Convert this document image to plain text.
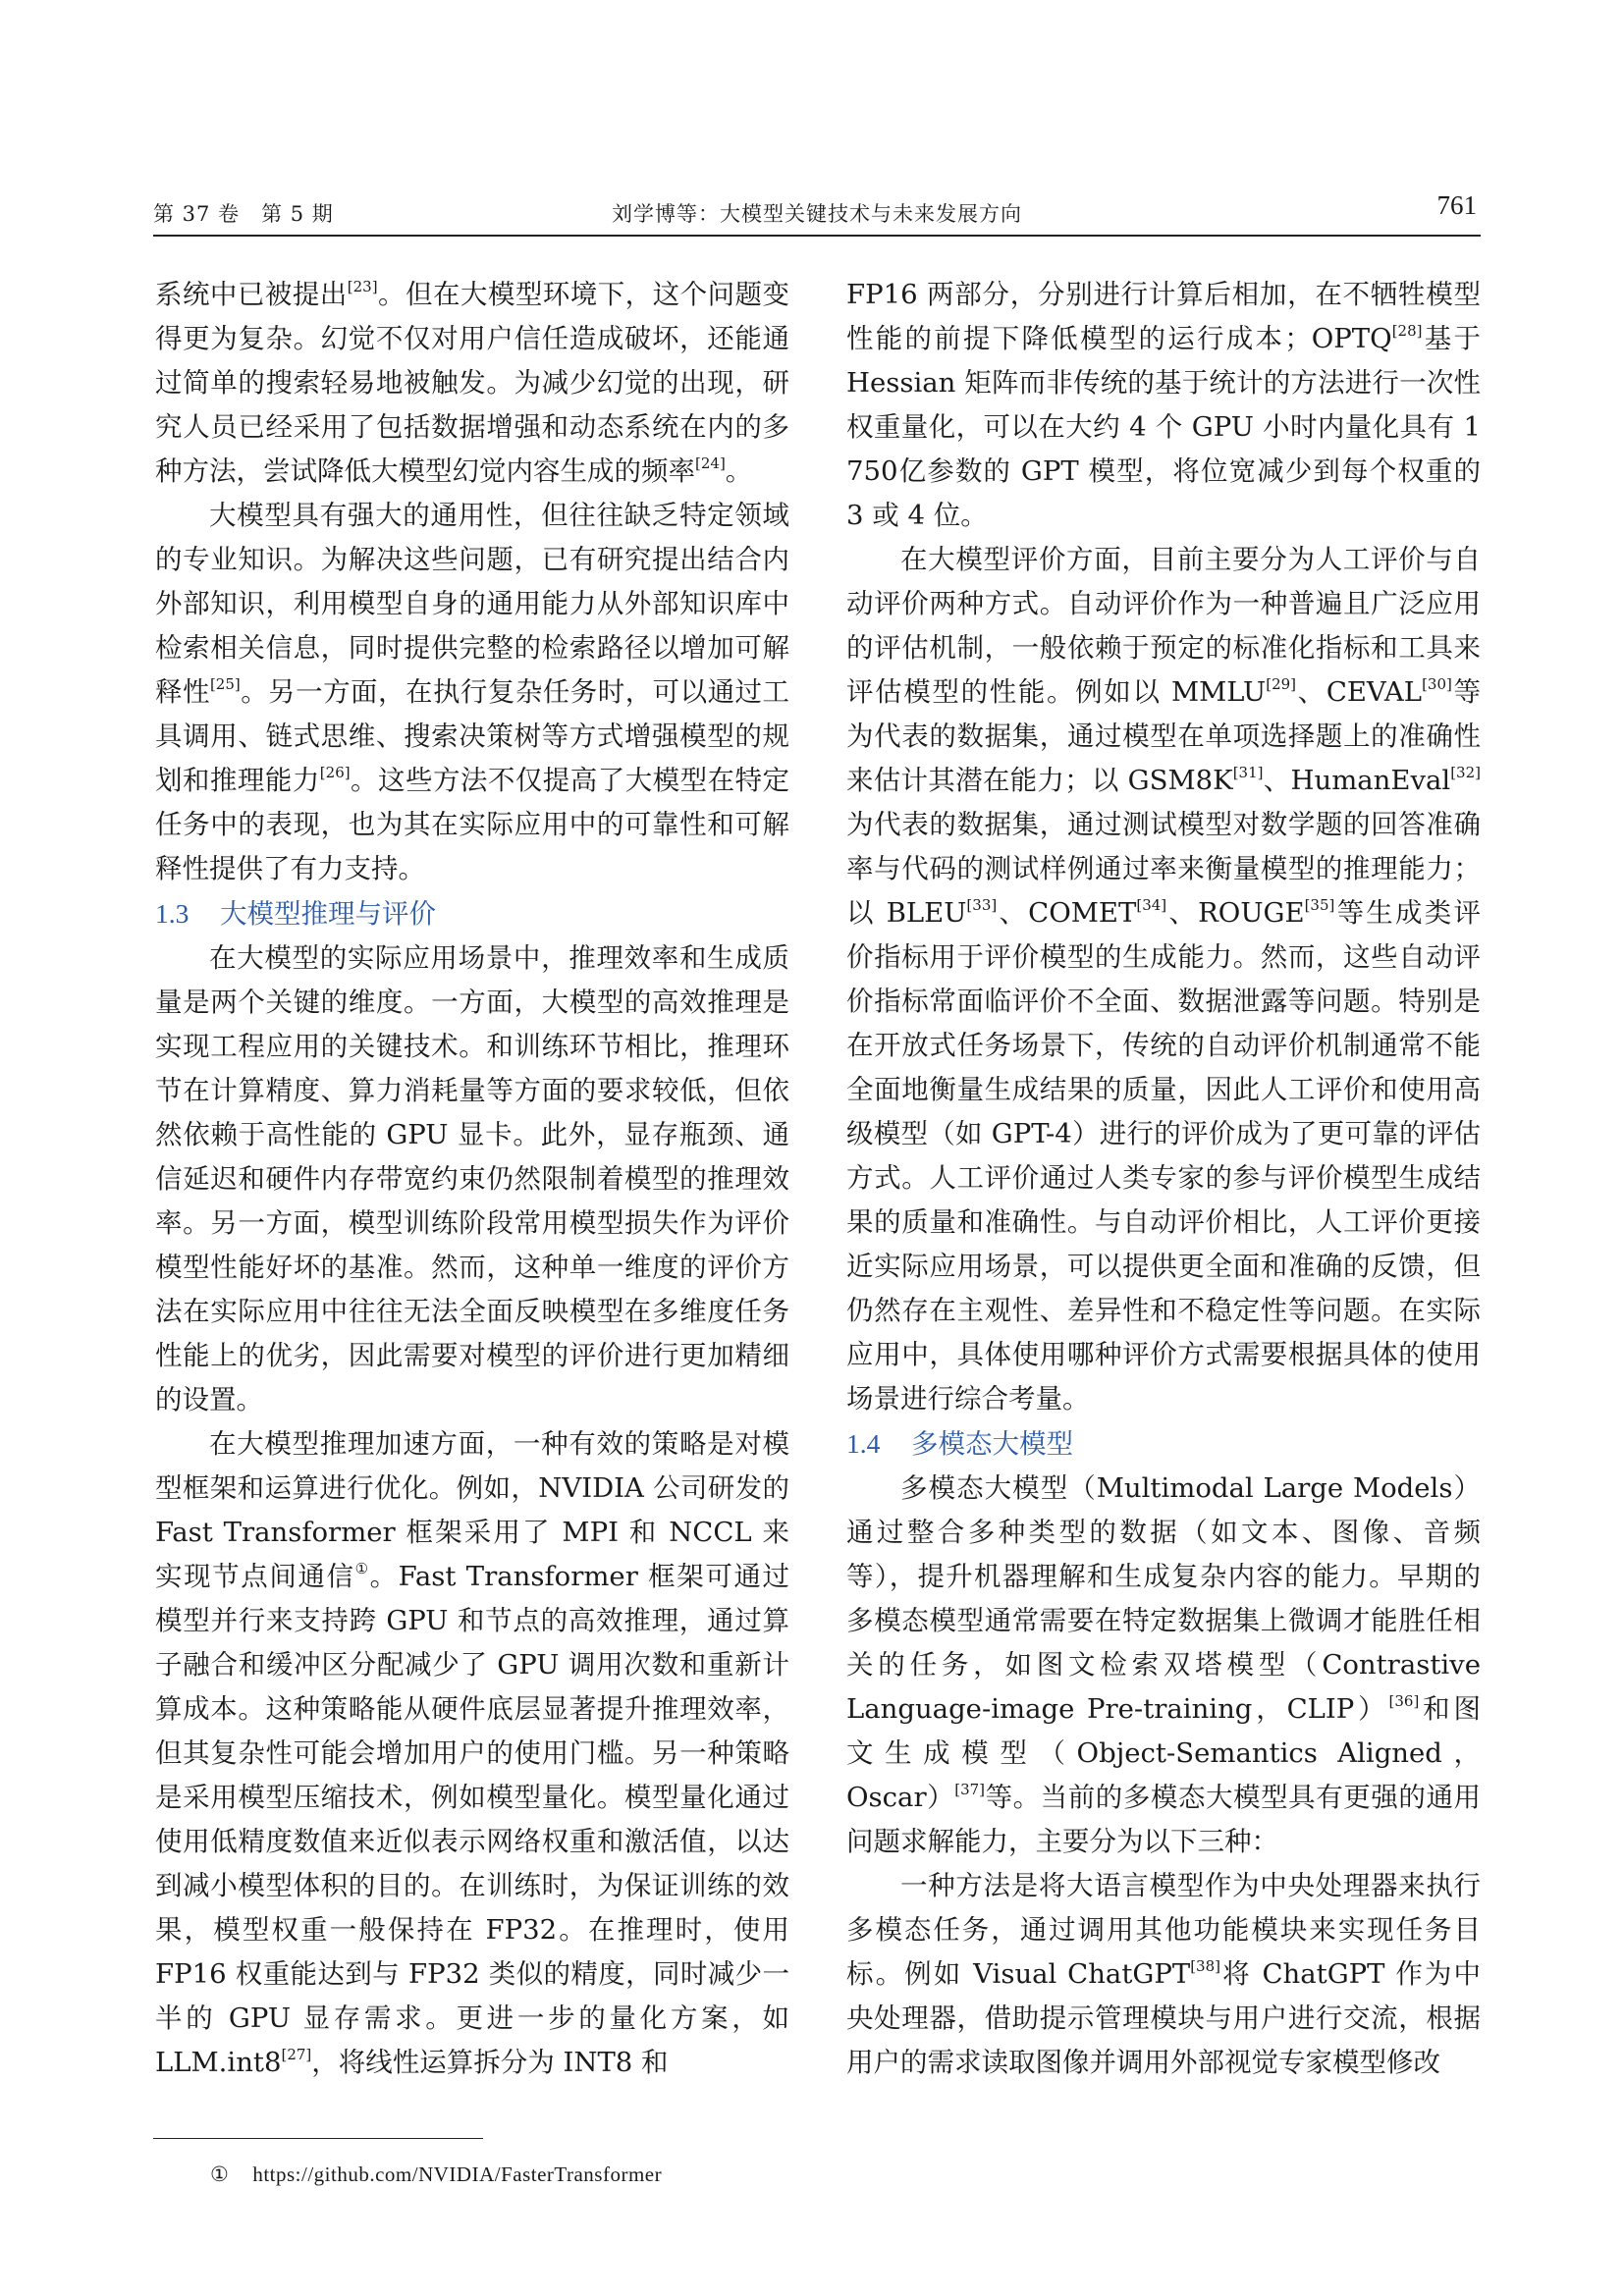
第 37 卷　第 5 期	刘学博等：大模型关键技术与未来发展方向	761

系统中已被提出[23]。但在大模型环境下，这个问题变得更为复杂。幻觉不仅对用户信任造成破坏，还能通过简单的搜索轻易地被触发。为减少幻觉的出现，研究人员已经采用了包括数据增强和动态系统在内的多种方法，尝试降低大模型幻觉内容生成的频率[24]。

大模型具有强大的通用性，但往往缺乏特定领域的专业知识。为解决这些问题，已有研究提出结合内外部知识，利用模型自身的通用能力从外部知识库中检索相关信息，同时提供完整的检索路径以增加可解释性[25]。另一方面，在执行复杂任务时，可以通过工具调用、链式思维、搜索决策树等方式增强模型的规划和推理能力[26]。这些方法不仅提高了大模型在特定任务中的表现，也为其在实际应用中的可靠性和可解释性提供了有力支持。

1.3 大模型推理与评价

在大模型的实际应用场景中，推理效率和生成质量是两个关键的维度。一方面，大模型的高效推理是实现工程应用的关键技术。和训练环节相比，推理环节在计算精度、算力消耗量等方面的要求较低，但依然依赖于高性能的 GPU 显卡。此外，显存瓶颈、通信延迟和硬件内存带宽约束仍然限制着模型的推理效率。另一方面，模型训练阶段常用模型损失作为评价模型性能好坏的基准。然而，这种单一维度的评价方法在实际应用中往往无法全面反映模型在多维度任务性能上的优劣，因此需要对模型的评价进行更加精细的设置。

在大模型推理加速方面，一种有效的策略是对模型框架和运算进行优化。例如，NVIDIA 公司研发的 Fast Transformer 框架采用了 MPI 和 NCCL 来实现节点间通信①。Fast Transformer 框架可通过模型并行来支持跨 GPU 和节点的高效推理，通过算子融合和缓冲区分配减少了 GPU 调用次数和重新计算成本。这种策略能从硬件底层显著提升推理效率，但其复杂性可能会增加用户的使用门槛。另一种策略是采用模型压缩技术，例如模型量化。模型量化通过使用低精度数值来近似表示网络权重和激活值，以达到减小模型体积的目的。在训练时，为保证训练的效果，模型权重一般保持在 FP32。在推理时，使用 FP16 权重能达到与 FP32 类似的精度，同时减少一半的 GPU 显存需求。更进一步的量化方案，如 LLM.int8[27]，将线性运算拆分为 INT8 和

FP16 两部分，分别进行计算后相加，在不牺牲模型性能的前提下降低模型的运行成本；OPTQ[28]基于 Hessian 矩阵而非传统的基于统计的方法进行一次性权重量化，可以在大约 4 个 GPU 小时内量化具有 1 750亿参数的 GPT 模型，将位宽减少到每个权重的 3 或 4 位。

在大模型评价方面，目前主要分为人工评价与自动评价两种方式。自动评价作为一种普遍且广泛应用的评估机制，一般依赖于预定的标准化指标和工具来评估模型的性能。例如以 MMLU[29]、CEVAL[30]等为代表的数据集，通过模型在单项选择题上的准确性来估计其潜在能力；以 GSM8K[31]、HumanEval[32]为代表的数据集，通过测试模型对数学题的回答准确率与代码的测试样例通过率来衡量模型的推理能力；以 BLEU[33]、COMET[34]、ROUGE[35]等生成类评价指标用于评价模型的生成能力。然而，这些自动评价指标常面临评价不全面、数据泄露等问题。特别是在开放式任务场景下，传统的自动评价机制通常不能全面地衡量生成结果的质量，因此人工评价和使用高级模型（如 GPT-4）进行的评价成为了更可靠的评估方式。人工评价通过人类专家的参与评价模型生成结果的质量和准确性。与自动评价相比，人工评价更接近实际应用场景，可以提供更全面和准确的反馈，但仍然存在主观性、差异性和不稳定性等问题。在实际应用中，具体使用哪种评价方式需要根据具体的使用场景进行综合考量。

1.4 多模态大模型

多模态大模型（Multimodal Large Models）通过整合多种类型的数据（如文本、图像、音频等），提升机器理解和生成复杂内容的能力。早期的多模态模型通常需要在特定数据集上微调才能胜任相关的任务，如图文检索双塔模型（Contrastive Language-image Pre-training，CLIP）[36]和图文生成模型（Object-Semantics Aligned，Oscar）[37]等。当前的多模态大模型具有更强的通用问题求解能力，主要分为以下三种：

一种方法是将大语言模型作为中央处理器来执行多模态任务，通过调用其他功能模块来实现任务目标。例如 Visual ChatGPT[38]将 ChatGPT 作为中央处理器，借助提示管理模块与用户进行交流，根据用户的需求读取图像并调用外部视觉专家模型修改

① https://github.com/NVIDIA/FasterTransformer
